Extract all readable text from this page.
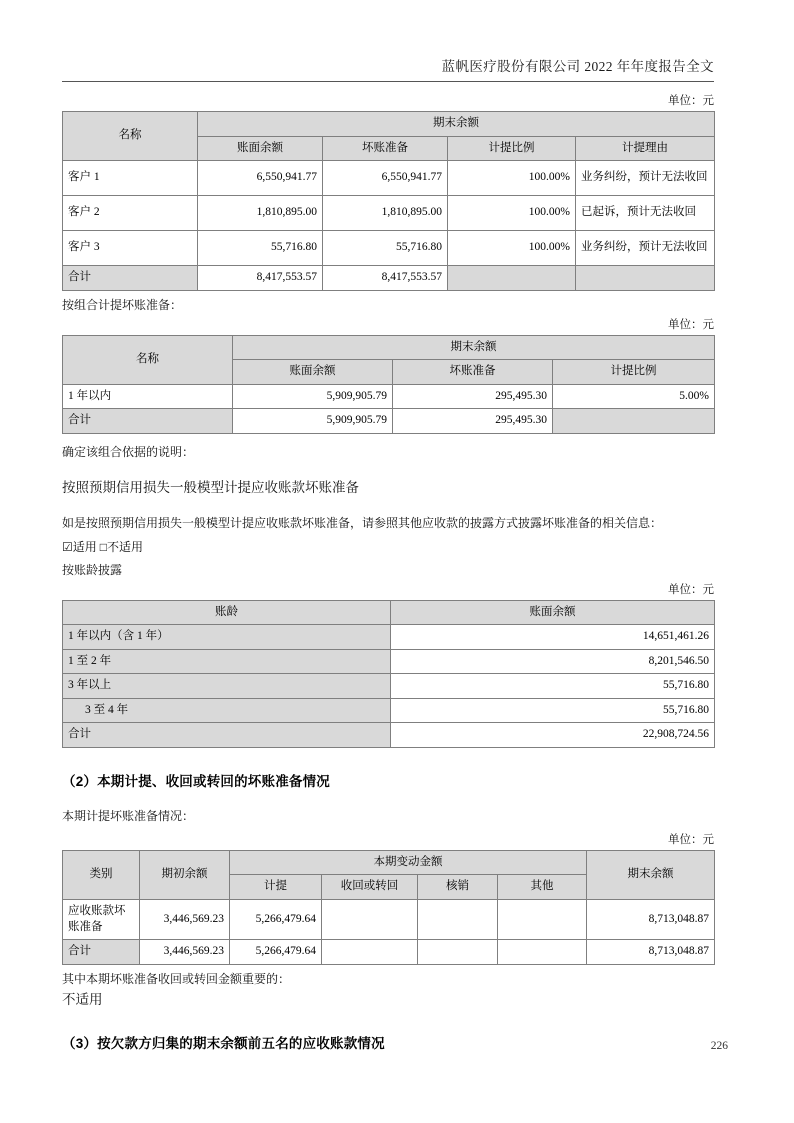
蓝帆医疗股份有限公司 2022 年年度报告全文

单位：元

名称	期末余额			
	账面余额	坏账准备	计提比例	计提理由
客户 1	6,550,941.77	6,550,941.77	100.00%	业务纠纷，预计无法收回
客户 2	1,810,895.00	1,810,895.00	100.00%	已起诉，预计无法收回
客户 3	55,716.80	55,716.80	100.00%	业务纠纷，预计无法收回
合计	8,417,553.57	8,417,553.57		

按组合计提坏账准备：

单位：元

名称	期末余额		
	账面余额	坏账准备	计提比例
1 年以内	5,909,905.79	295,495.30	5.00%
合计	5,909,905.79	295,495.30	

确定该组合依据的说明：

按照预期信用损失一般模型计提应收账款坏账准备

如是按照预期信用损失一般模型计提应收账款坏账准备，请参照其他应收款的披露方式披露坏账准备的相关信息：

☑适用 □不适用

按账龄披露

单位：元

账龄	账面余额
1 年以内（含 1 年）	14,651,461.26
1 至 2 年	8,201,546.50
3 年以上	55,716.80
3 至 4 年	55,716.80
合计	22,908,724.56
（2）本期计提、收回或转回的坏账准备情况

本期计提坏账准备情况：

单位：元

类别	期初余额	本期变动金额				期末余额
		计提	收回或转回	核销	其他	
应收账款坏账准备	3,446,569.23	5,266,479.64				8,713,048.87
合计	3,446,569.23	5,266,479.64				8,713,048.87

其中本期坏账准备收回或转回金额重要的：

不适用

（3）按欠款方归集的期末余额前五名的应收账款情况	226
